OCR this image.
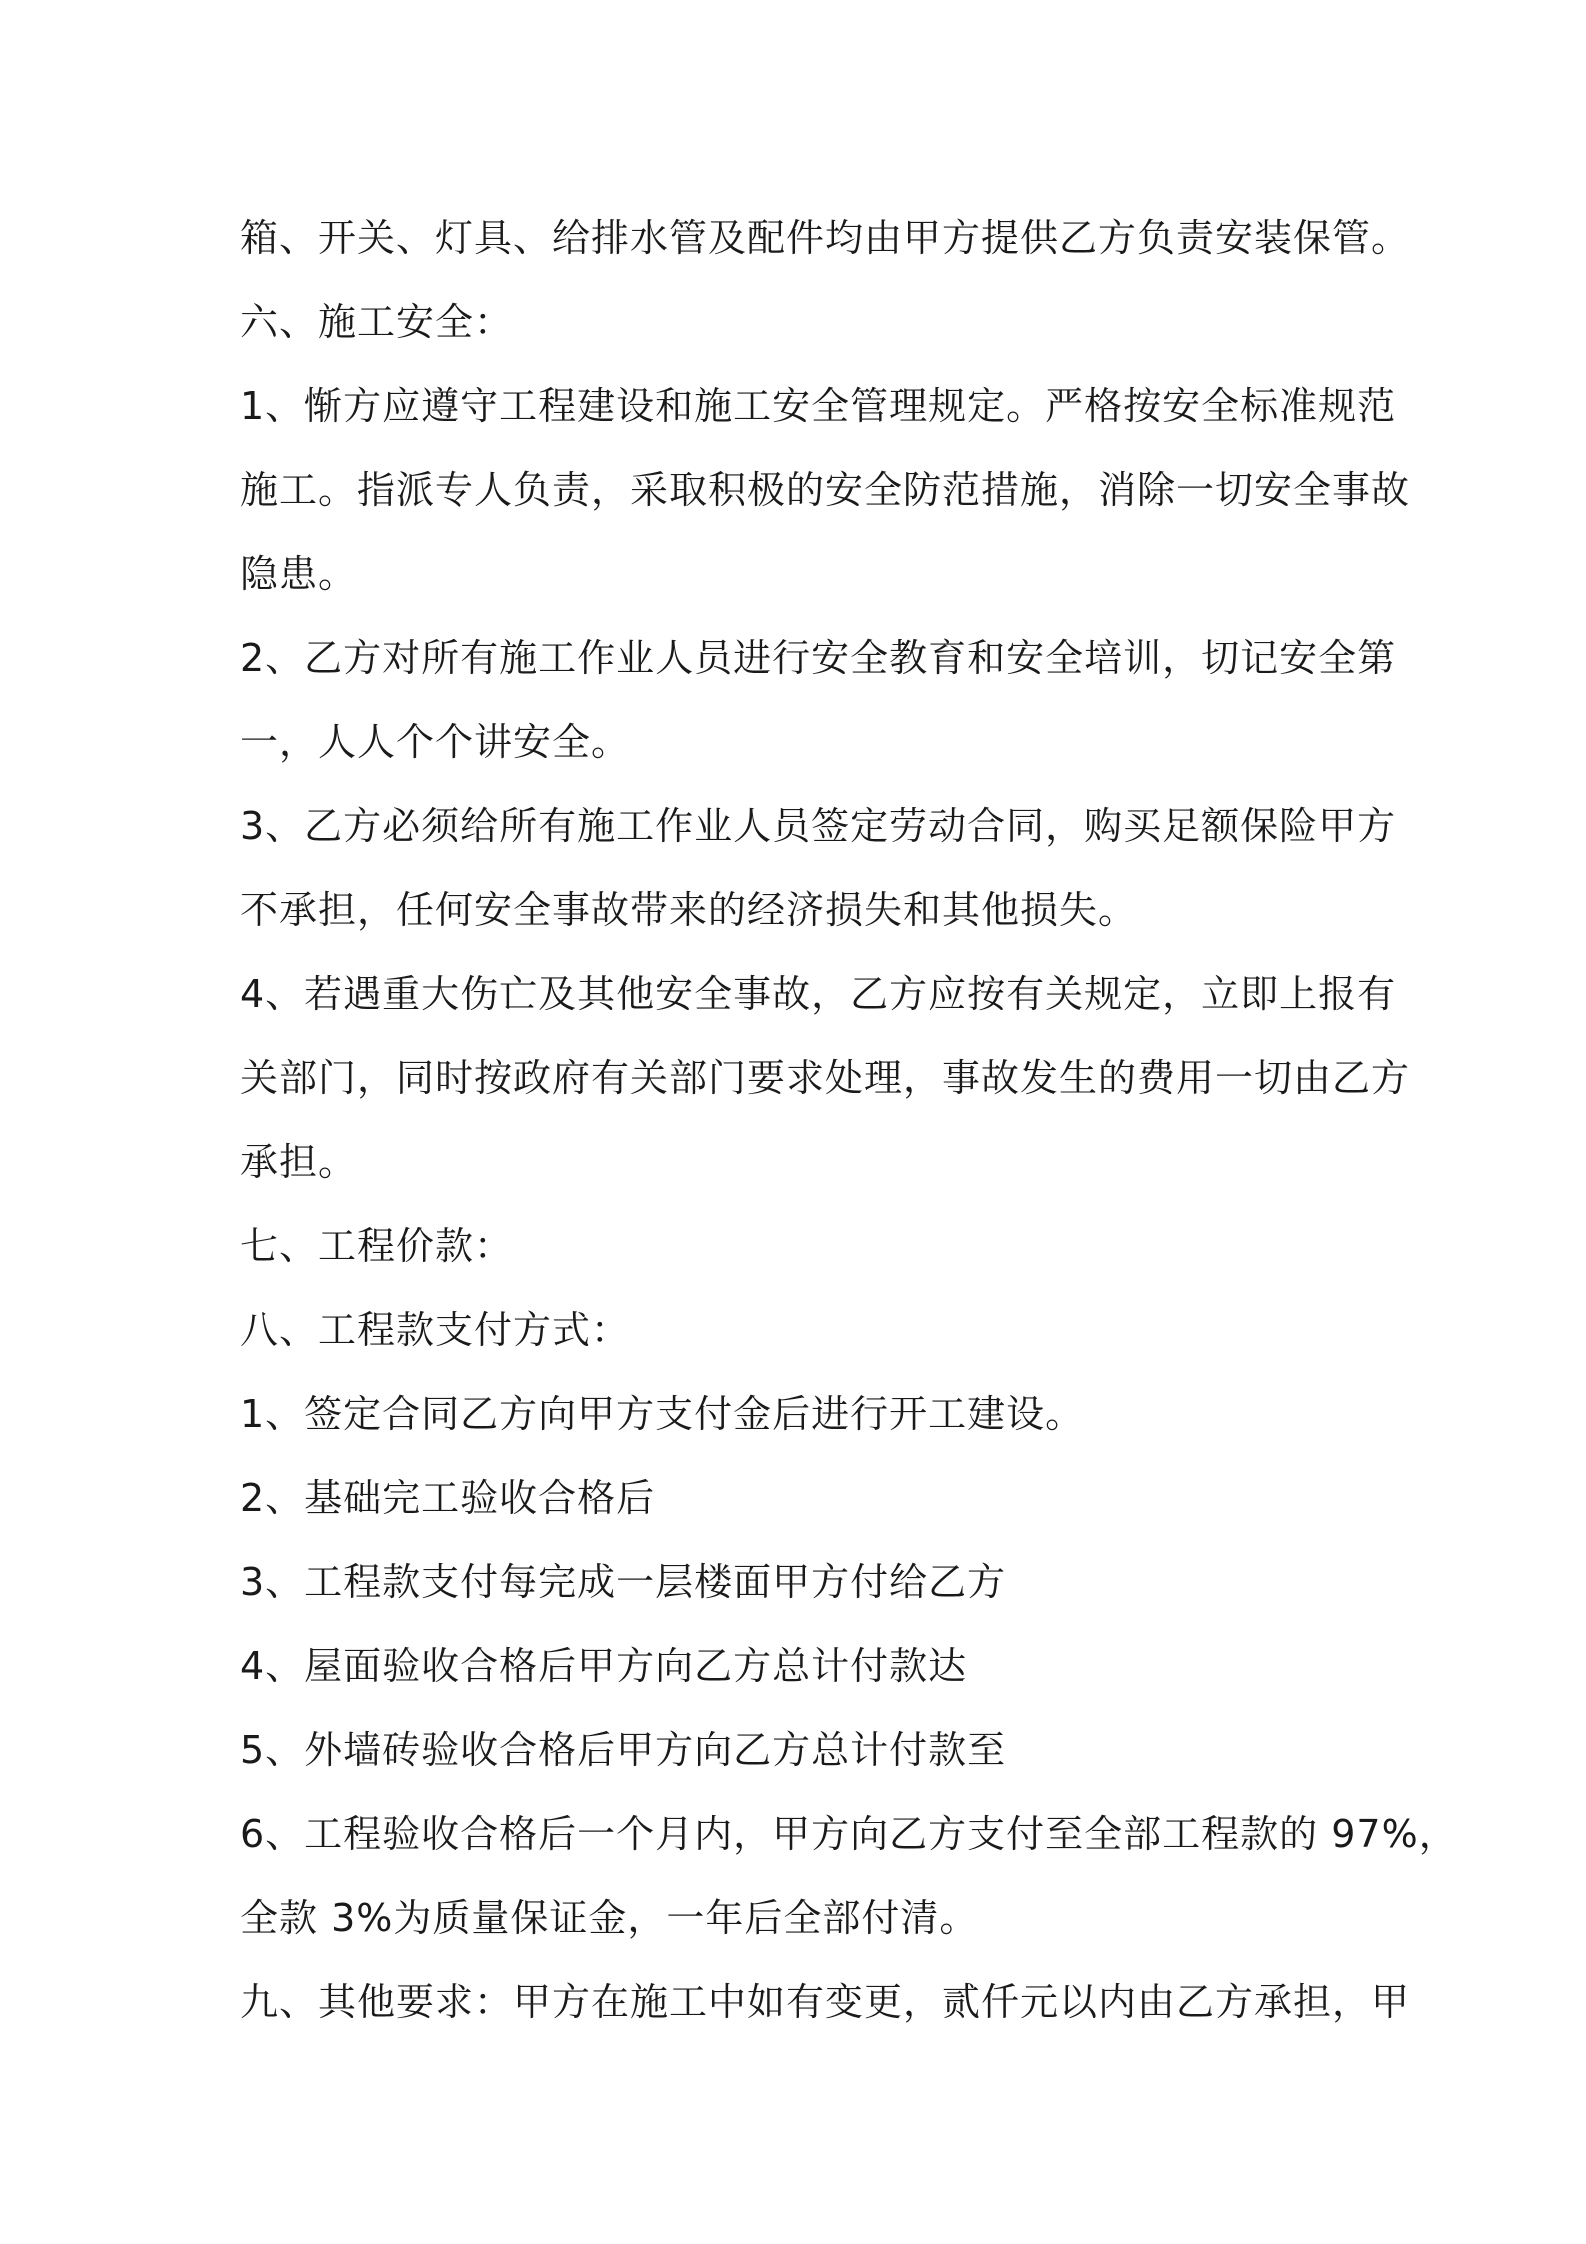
箱、开关、灯具、给排水管及配件均由甲方提供乙方负责安装保管。

六、施工安全：

1、惭方应遵守工程建设和施工安全管理规定。严格按安全标准规范

施工。指派专人负责，采取积极的安全防范措施，消除一切安全事故

隐患。

2、乙方对所有施工作业人员进行安全教育和安全培训，切记安全第

一，人人个个讲安全。

3、乙方必须给所有施工作业人员签定劳动合同，购买足额保险甲方

不承担，任何安全事故带来的经济损失和其他损失。

4、若遇重大伤亡及其他安全事故，乙方应按有关规定，立即上报有

关部门，同时按政府有关部门要求处理，事故发生的费用一切由乙方

承担。

七、工程价款：

八、工程款支付方式：

1、签定合同乙方向甲方支付金后进行开工建设。

2、基础完工验收合格后

3、工程款支付每完成一层楼面甲方付给乙方

4、屋面验收合格后甲方向乙方总计付款达

5、外墙砖验收合格后甲方向乙方总计付款至

6、工程验收合格后一个月内，甲方向乙方支付至全部工程款的 97%，

全款 3%为质量保证金，一年后全部付清。

九、其他要求：甲方在施工中如有变更，贰仟元以内由乙方承担，甲
